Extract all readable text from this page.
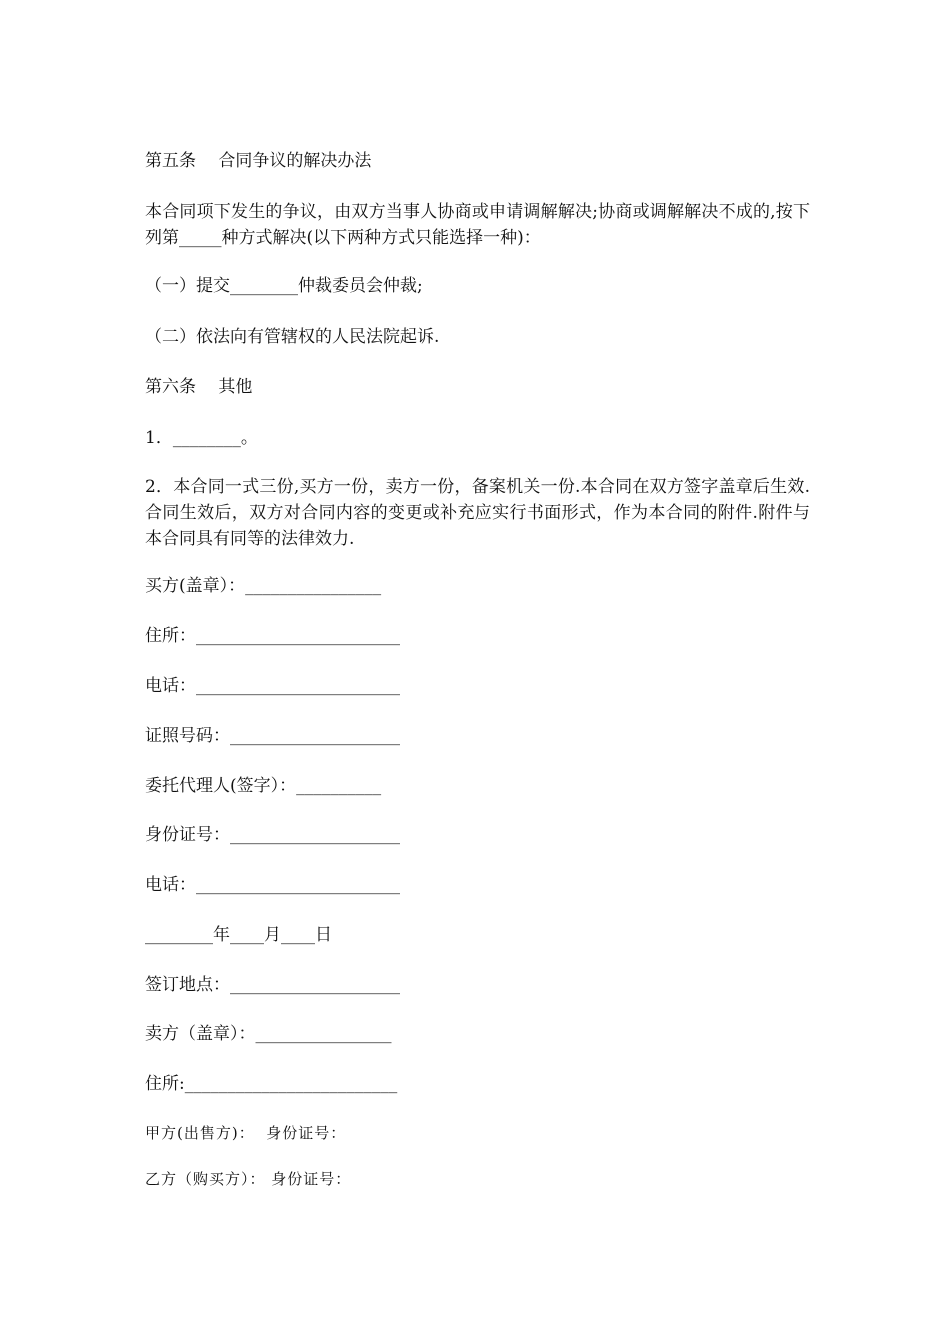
第五条　 合同争议的解决办法
本合同项下发生的争议，由双方当事人协商或申请调解解决;协商或调解解决不成的,按下列第_____种方式解决(以下两种方式只能选择一种)：
（一）提交________仲裁委员会仲裁;
（二）依法向有管辖权的人民法院起诉.
第六条　 其他
1．________。
2．本合同一式三份,买方一份，卖方一份，备案机关一份.本合同在双方签字盖章后生效.合同生效后，双方对合同内容的变更或补充应实行书面形式，作为本合同的附件.附件与本合同具有同等的法律效力.
买方(盖章）：________________
住所：________________________
电话：________________________
证照号码：____________________
委托代理人(签字）：__________
身份证号：____________________
电话：________________________
________年____月____日
签订地点：____________________
卖方（盖章）：________________
住所:_________________________
甲方(出售方)：  身份证号：
乙方（购买方）： 身份证号：
